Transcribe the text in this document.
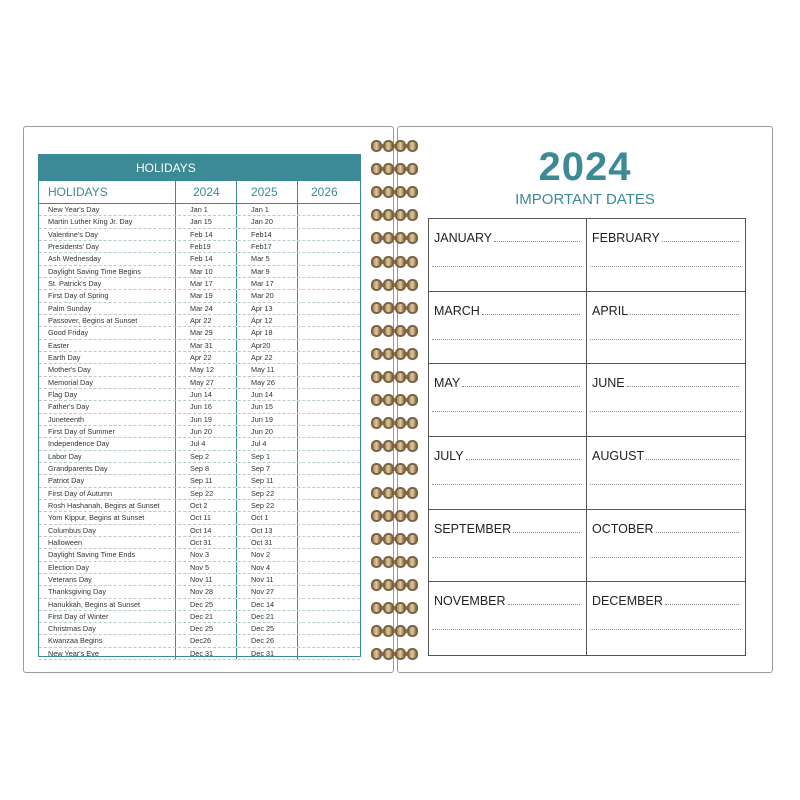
HOLIDAYS
HOLIDAYS	2024	2025	2026
New Year's Day	Jan 1	Jan 1
Martin Luther King Jr. Day	Jan 15	Jan 20
Valentine's Day	Feb 14	Feb14
Presidents' Day	Feb19	Feb17
Ash Wednesday	Feb 14	Mar 5
Daylight Saving Time Begins	Mar 10	Mar 9
St. Patrick's Day	Mar 17	Mar 17
First Day of Spring	Mar 19	Mar 20
Palm Sunday	Mar 24	Apr 13
Passover, Begins at Sunset	Apr 22	Apr 12
Good Friday	Mar 29	Apr 18
Easter	Mar 31	Apr20
Earth Day	Apr 22	Apr 22
Mother's Day	May 12	May 11
Memorial Day	May 27	May 26
Flag Day	Jun 14	Jun 14
Father's Day	Jun 16	Jun 15
Juneteenth	Jun 19	Jun 19
First Day of Summer	Jun 20	Jun 20
Independence Day	Jul 4	Jul 4
Labor Day	Sep 2	Sep 1
Grandparents Day	Sep 8	Sep 7
Patriot Day	Sep 11	Sep 11
First Day of Autumn	Sep 22	Sep 22
Rosh Hashanah, Begins at Sunset	Oct 2	Sep 22
Yom Kippur, Begins at Sunset	Oct 11	Oct 1
Columbus Day	Oct 14	Oct 13
Halloween	Oct 31	Oct 31
Daylight Saving Time Ends	Nov 3	Nov 2
Election Day	Nov 5	Nov 4
Veterans Day	Nov 11	Nov 11
Thanksgiving Day	Nov 28	Nov 27
Hanukkah, Begins at Sunset	Dec 25	Dec 14
First Day of Winter	Dec 21	Dec 21
Christmas Day	Dec 25	Dec 25
Kwanzaa Begins	Dec26	Dec 26
New Year's Eve	Dec 31	Dec 31
2024
IMPORTANT DATES
JANUARY	FEBRUARY
MARCH	APRIL
MAY	JUNE
JULY	AUGUST
SEPTEMBER	OCTOBER
NOVEMBER	DECEMBER
